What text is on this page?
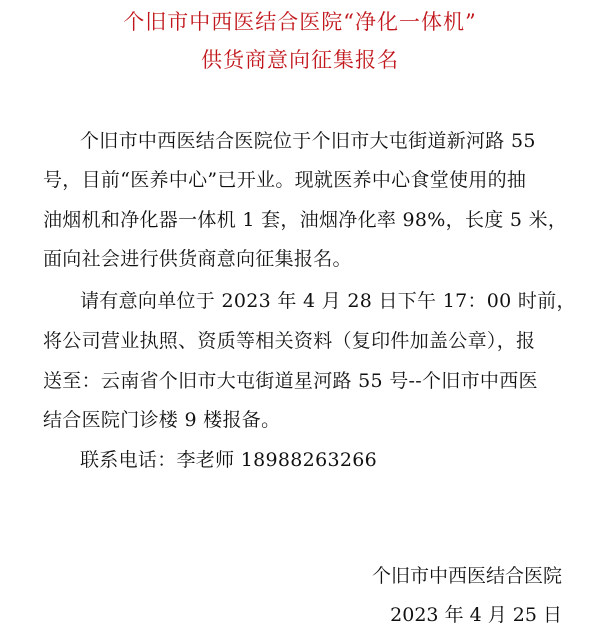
个旧市中西医结合医院“净化一体机”
供货商意向征集报名
个旧市中西医结合医院位于个旧市大屯街道新河路 55
号，目前“医养中心”已开业。现就医养中心食堂使用的抽
油烟机和净化器一体机 1 套，油烟净化率 98%，长度 5 米，
面向社会进行供货商意向征集报名。
请有意向单位于 2023 年 4 月 28 日下午 17：00 时前，
将公司营业执照、资质等相关资料（复印件加盖公章），报
送至：云南省个旧市大屯街道星河路 55 号--个旧市中西医
结合医院门诊楼 9 楼报备。
联系电话：李老师 18988263266
个旧市中西医结合医院
2023 年 4 月 25 日
